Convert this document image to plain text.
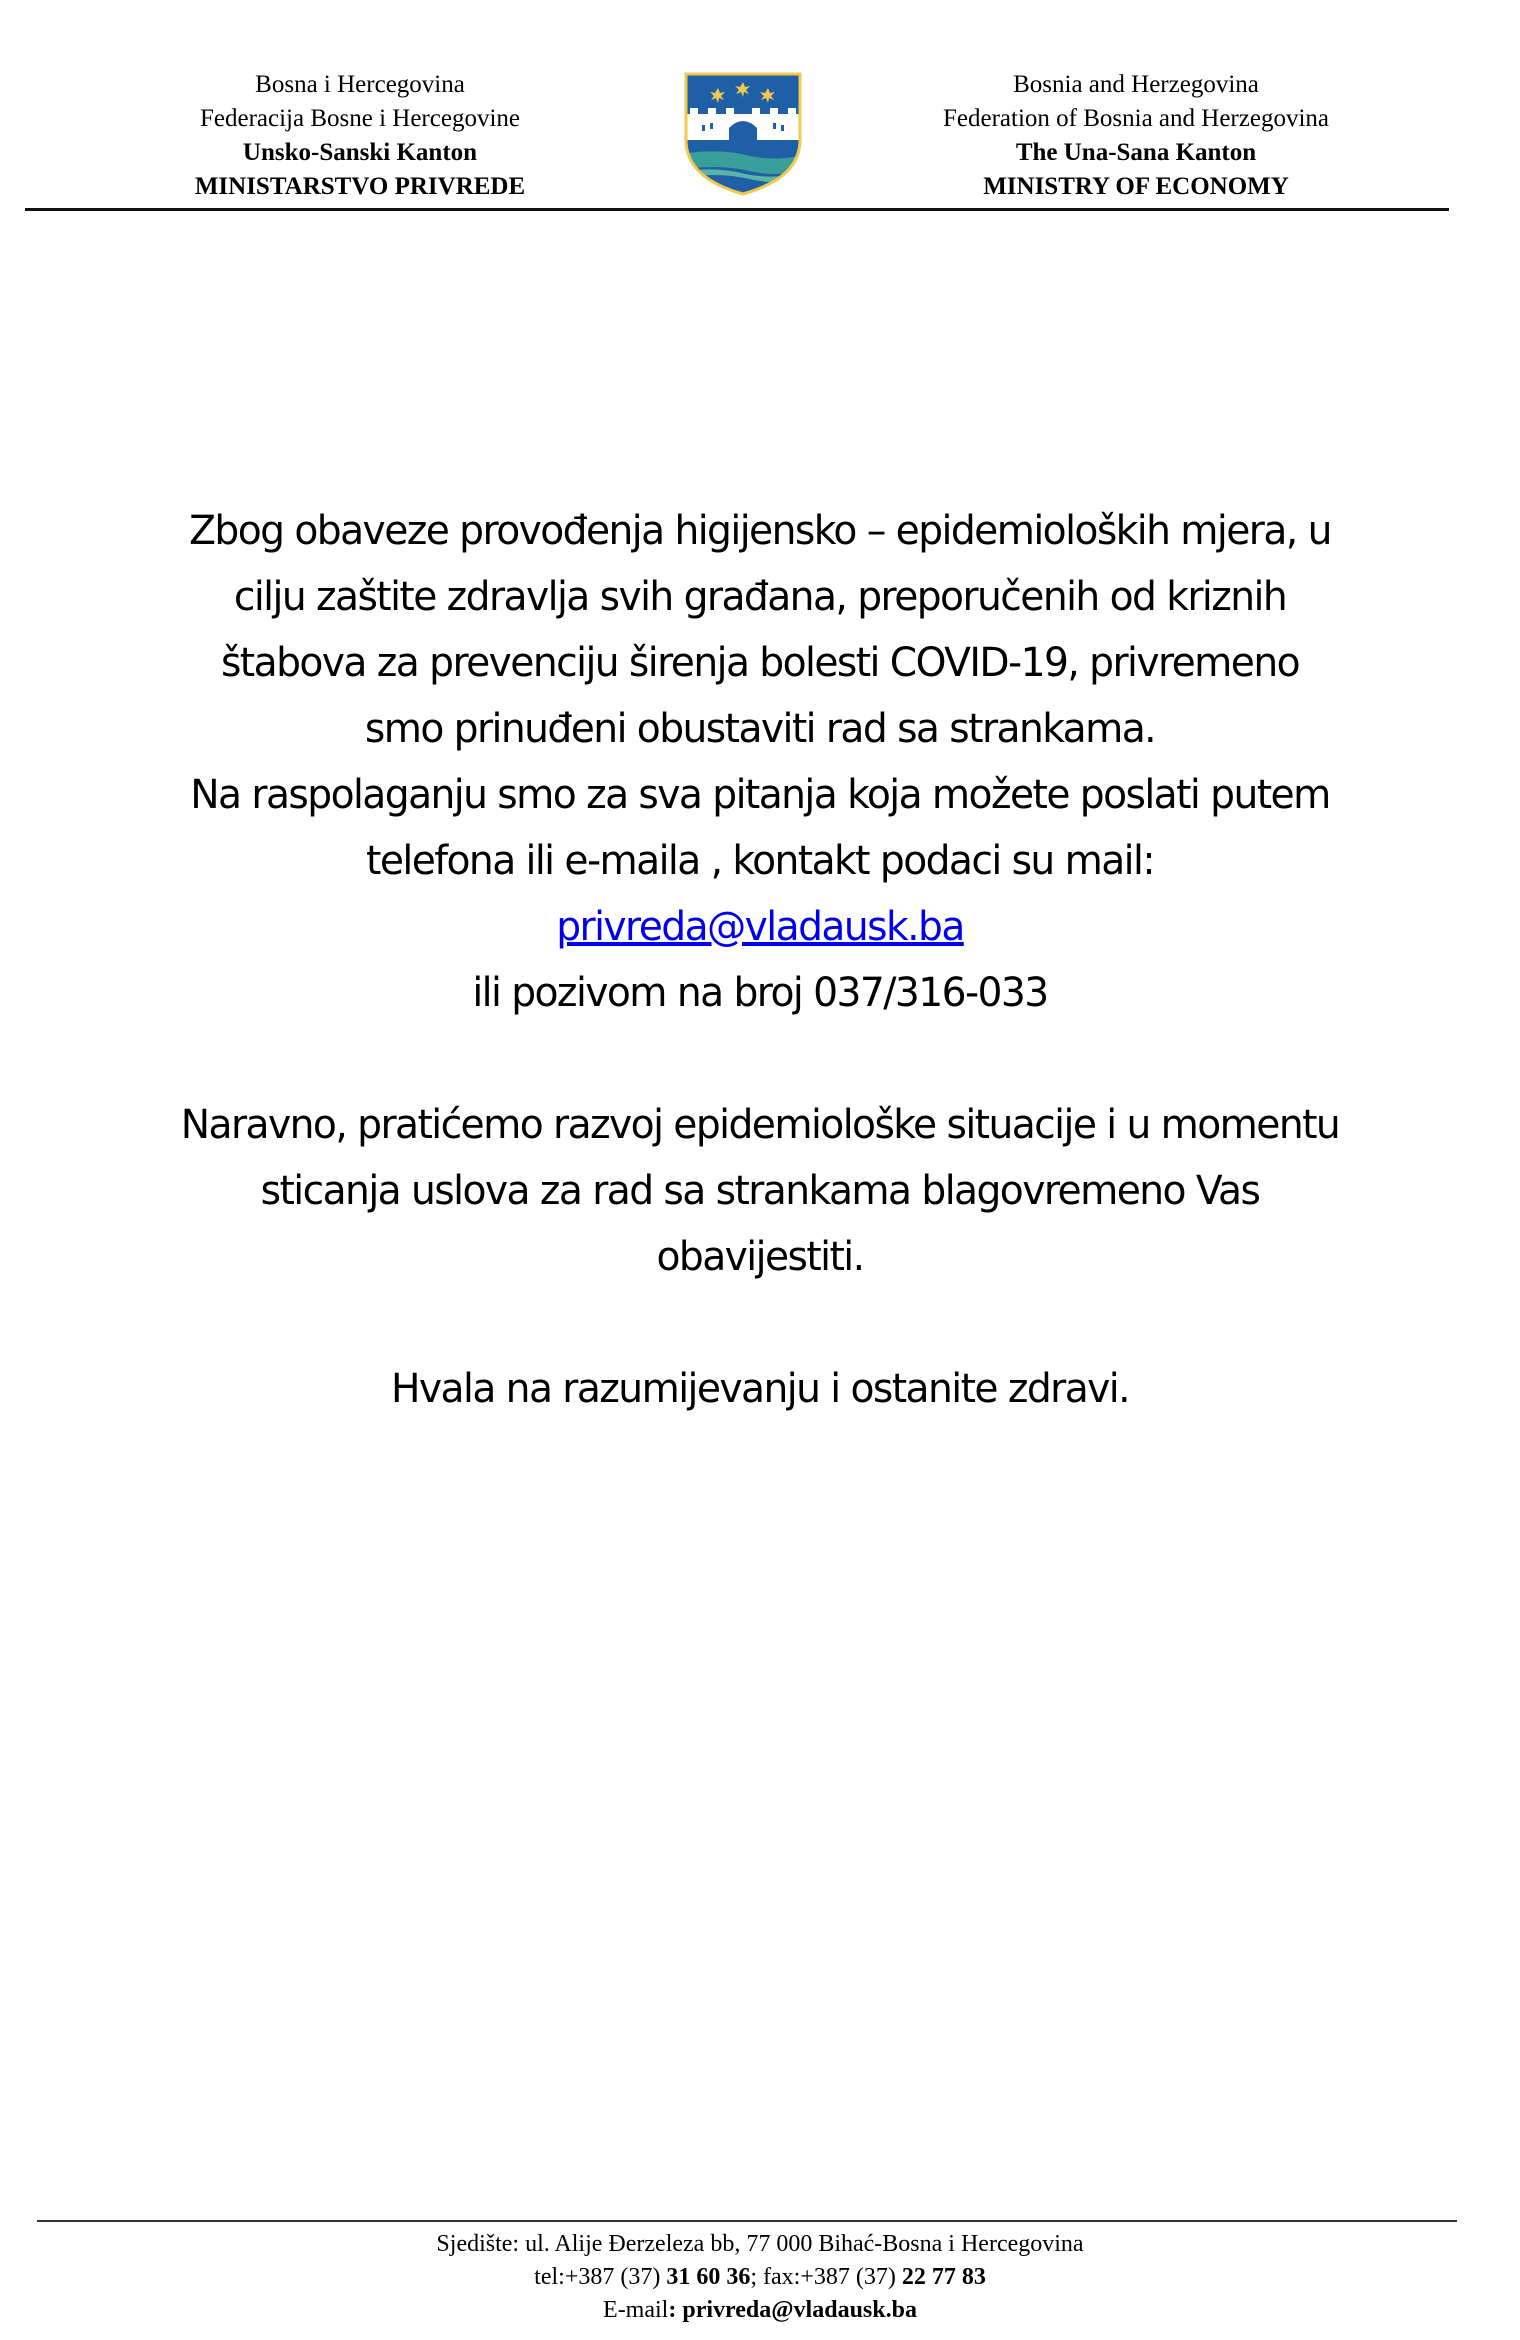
Bosna i Hercegovina
Federacija Bosne i Hercegovine
Unsko-Sanski Kanton
MINISTARSTVO PRIVREDE
Bosnia and Herzegovina
Federation of Bosnia and Herzegovina
The Una-Sana Kanton
MINISTRY OF ECONOMY

Zbog obaveze provođenja higijensko – epidemioloških mjera, u
cilju zaštite zdravlja svih građana, preporučenih od kriznih
štabova za prevenciju širenja bolesti COVID-19, privremeno
smo prinuđeni obustaviti rad sa strankama.

Na raspolaganju smo za sva pitanja koja možete poslati putem
telefona ili e-maila , kontakt podaci su mail:
privreda@vladausk.ba
ili pozivom na broj 037/316-033

Naravno, pratićemo razvoj epidemiološke situacije i u momentu
sticanja uslova za rad sa strankama blagovremeno Vas
obavijestiti.

Hvala na razumijevanju i ostanite zdravi.

Sjedište: ul. Alije Đerzeleza bb, 77 000 Bihać-Bosna i Hercegovina
tel:+387 (37) 31 60 36; fax:+387 (37) 22 77 83
E-mail: privreda@vladausk.ba
